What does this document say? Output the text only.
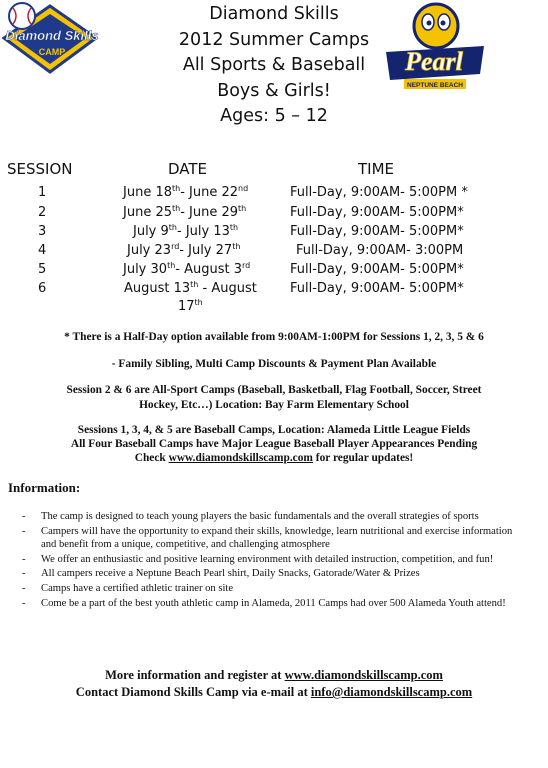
Diamond Skills
CAMP
Diamond Skills
2012 Summer Camps
All Sports & Baseball
Boys & Girls!
Ages: 5 – 12
Pearl
NEPTUNE BEACH
SESSION	DATE	TIME
1	June 18th- June 22nd	Full-Day, 9:00AM- 5:00PM *
2	June 25th- June 29th	Full-Day, 9:00AM- 5:00PM*
3	July 9th- July 13th	Full-Day, 9:00AM- 5:00PM*
4	July 23rd- July 27th	Full-Day, 9:00AM- 3:00PM
5	July 30th- August 3rd	Full-Day, 9:00AM- 5:00PM*
6	August 13th - August	Full-Day, 9:00AM- 5:00PM*
17th
* There is a Half-Day option available from 9:00AM-1:00PM for Sessions 1, 2, 3, 5 & 6
- Family Sibling, Multi Camp Discounts & Payment Plan Available
Session 2 & 6 are All-Sport Camps (Baseball, Basketball, Flag Football, Soccer, Street
Hockey, Etc…) Location: Bay Farm Elementary School
Sessions 1, 3, 4, & 5 are Baseball Camps, Location: Alameda Little League Fields
All Four Baseball Camps have Major League Baseball Player Appearances Pending
Check www.diamondskillscamp.com for regular updates!
Information:
- The camp is designed to teach young players the basic fundamentals and the overall strategies of sports
- Campers will have the opportunity to expand their skills, knowledge, learn nutritional and exercise information and benefit from a unique, competitive, and challenging atmosphere
- We offer an enthusiastic and positive learning environment with detailed instruction, competition, and fun!
- All campers receive a Neptune Beach Pearl shirt, Daily Snacks, Gatorade/Water & Prizes
- Camps have a certified athletic trainer on site
- Come be a part of the best youth athletic camp in Alameda, 2011 Camps had over 500 Alameda Youth attend!
More information and register at www.diamondskillscamp.com
Contact Diamond Skills Camp via e-mail at info@diamondskillscamp.com
